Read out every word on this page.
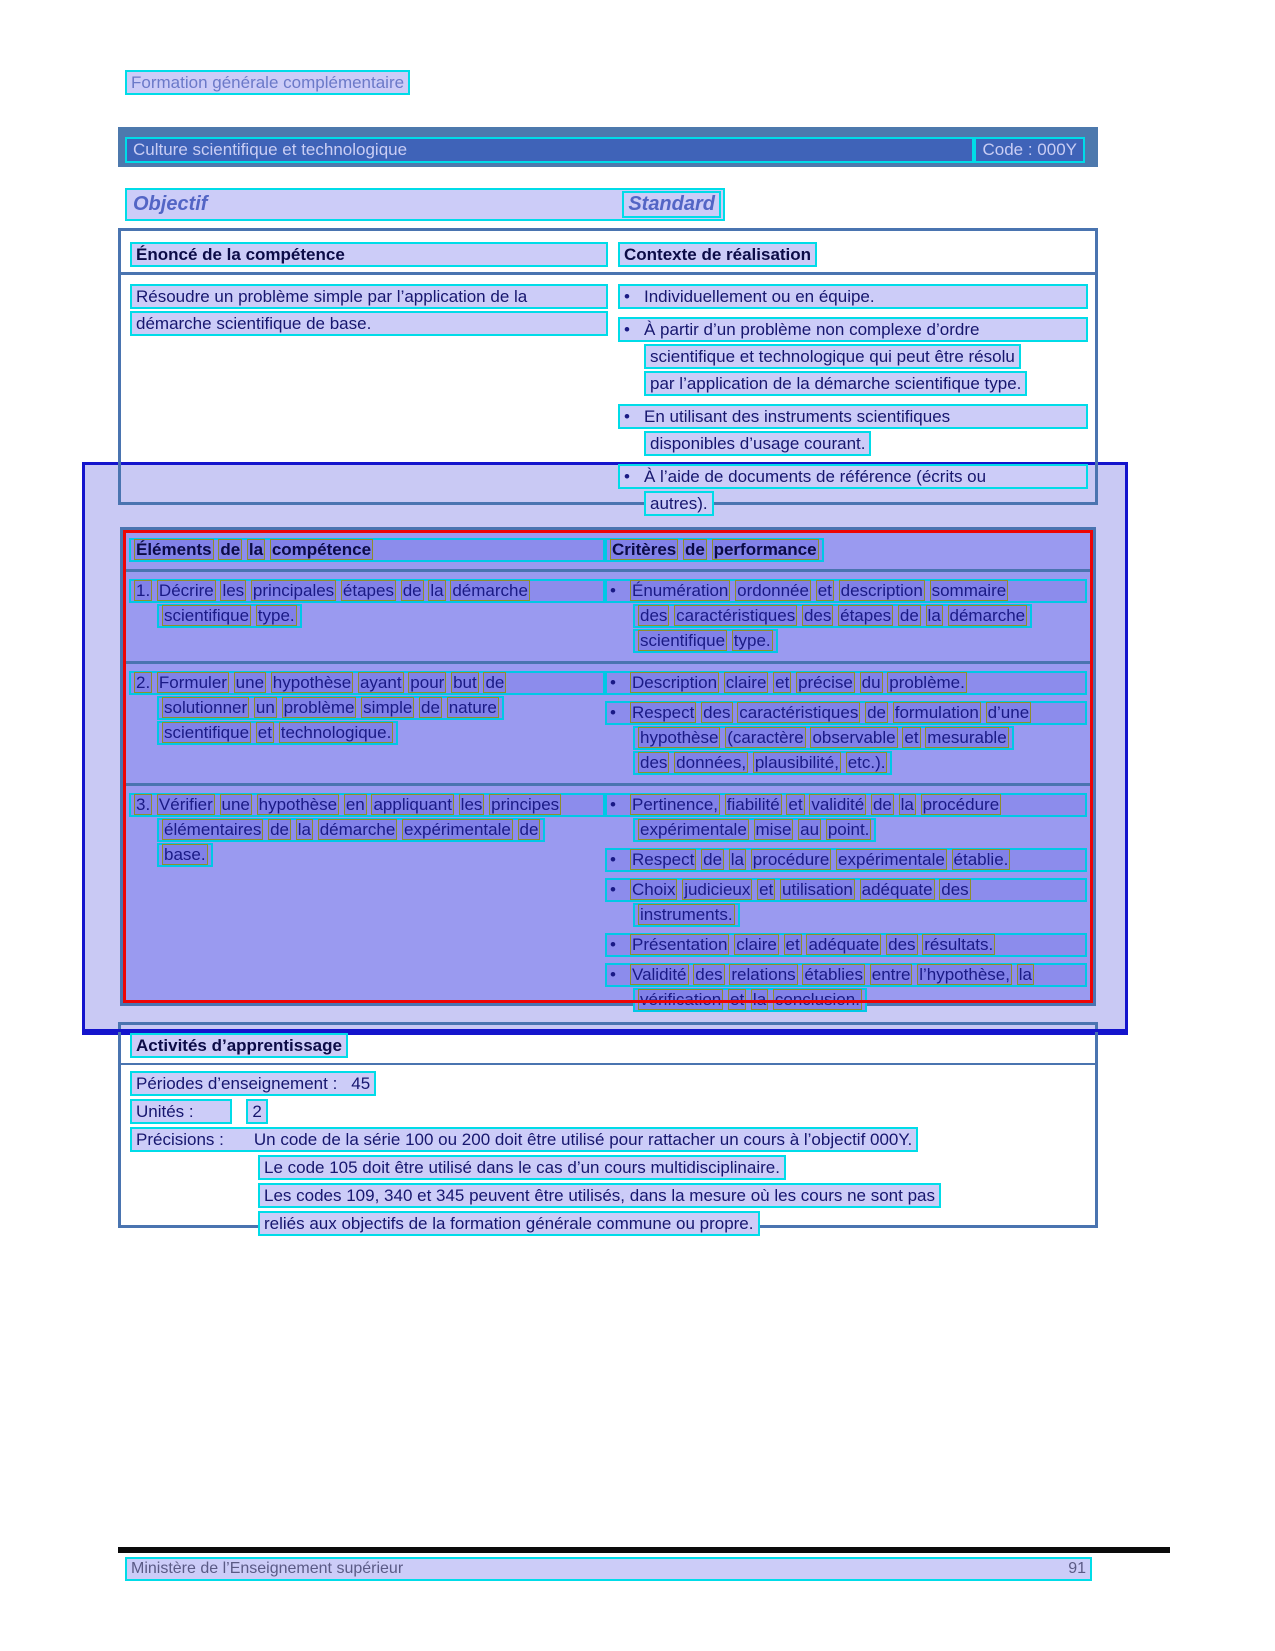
Formation générale complémentaire
Culture scientifique et technologique	Code : 000Y
Objectif	Standard
Énoncé de la compétence	Contexte de réalisation
Résoudre un problème simple par l’application de la
démarche scientifique de base.
• Individuellement ou en équipe.
• À partir d’un problème non complexe d’ordre
scientifique et technologique qui peut être résolu
par l’application de la démarche scientifique type.
• En utilisant des instruments scientifiques
disponibles d’usage courant.
• À l’aide de documents de référence (écrits ou
autres).
Éléments de la compétence	Critères de performance
1. Décrire les principales étapes de la démarche
scientifique type.
• Énumération ordonnée et description sommaire
des caractéristiques des étapes de la démarche
scientifique type.
2. Formuler une hypothèse ayant pour but de
solutionner un problème simple de nature
scientifique et technologique.
• Description claire et précise du problème.
• Respect des caractéristiques de formulation d’une
hypothèse (caractère observable et mesurable
des données, plausibilité, etc.).
3. Vérifier une hypothèse en appliquant les principes
élémentaires de la démarche expérimentale de
base.
• Pertinence, fiabilité et validité de la procédure
expérimentale mise au point.
• Respect de la procédure expérimentale établie.
• Choix judicieux et utilisation adéquate des
instruments.
• Présentation claire et adéquate des résultats.
• Validité des relations établies entre l’hypothèse, la
vérification et la conclusion.
Activités d’apprentissage
Périodes d’enseignement : 45
Unités :	2
Précisions : Un code de la série 100 ou 200 doit être utilisé pour rattacher un cours à l’objectif 000Y.
Le code 105 doit être utilisé dans le cas d’un cours multidisciplinaire.
Les codes 109, 340 et 345 peuvent être utilisés, dans la mesure où les cours ne sont pas
reliés aux objectifs de la formation générale commune ou propre.
Ministère de l’Enseignement supérieur	91
